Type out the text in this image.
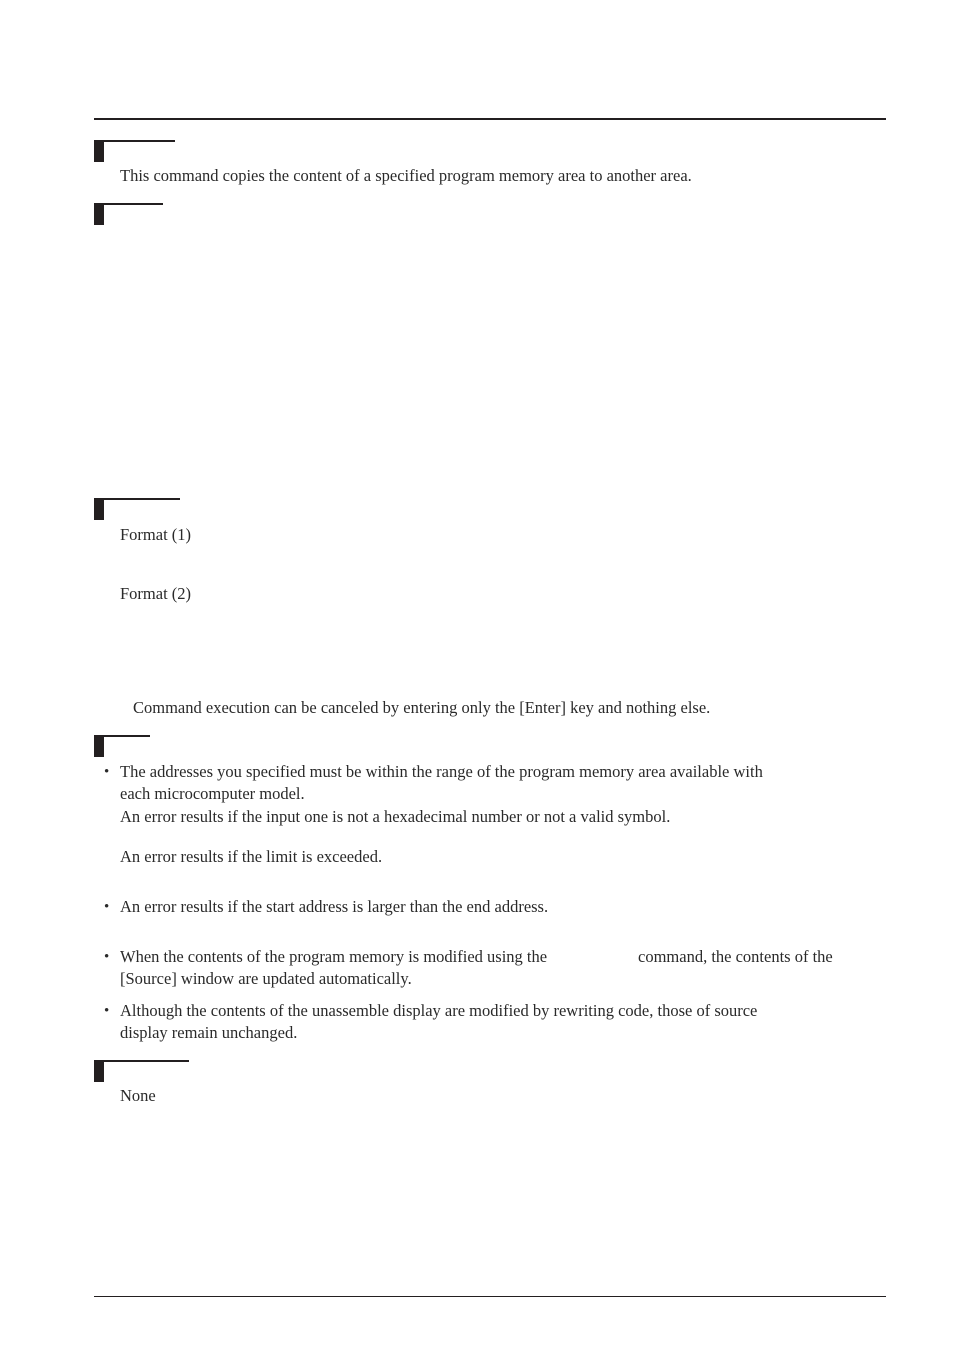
This command copies the content of a specified program memory area to another area.
Format (1)
Format (2)
Command execution can be canceled by entering only the [Enter] key and nothing else.
• The addresses you specified must be within the range of the program memory area available with
each microcomputer model.
An error results if the input one is not a hexadecimal number or not a valid symbol.
An error results if the limit is exceeded.
• An error results if the start address is larger than the end address.
• When the contents of the program memory is modified using the	command, the contents of the
[Source] window are updated automatically.
• Although the contents of the unassemble display are modified by rewriting code, those of source
display remain unchanged.
None
